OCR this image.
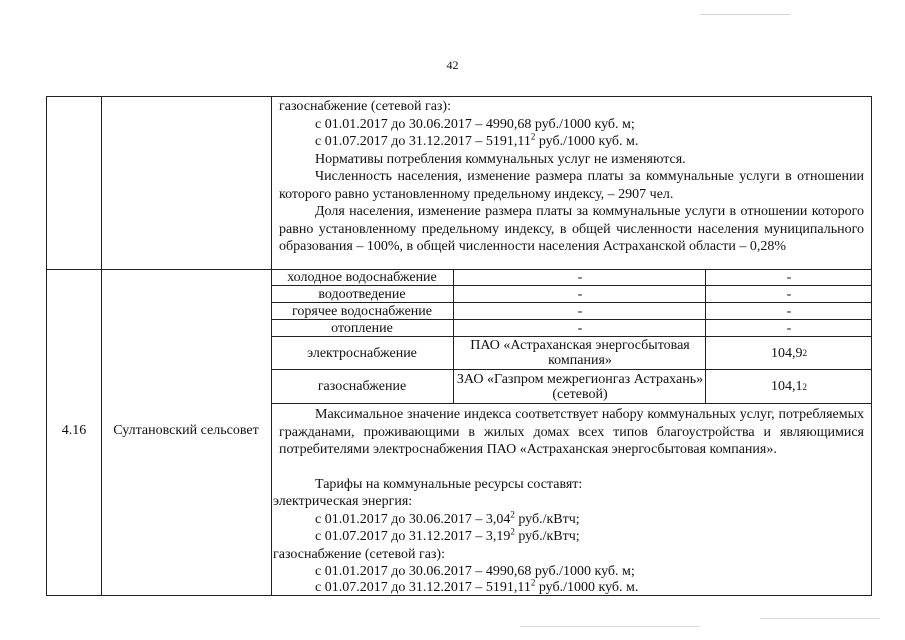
42
газоснабжение (сетевой газ):
с 01.01.2017 до 30.06.2017 – 4990,68 руб./1000 куб. м;
с 01.07.2017 до 31.12.2017 – 5191,11$^2$ руб./1000 куб. м.
Нормативы потребления коммунальных услуг не изменяются.
Численность населения, изменение размера платы за коммунальные услуги в отношении которого равно установленному предельному индексу, – 2907 чел.
Доля населения, изменение размера платы за коммунальные услуги в отношении которого равно установленному предельному индексу, в общей численности населения муниципального образования – 100%, в общей численности населения Астраханской области – 0,28%
4.16	Султановский сельсовет
холодное водоснабжение	-	-
водоотведение	-	-
горячее водоснабжение	-	-
отопление	-	-
электроснабжение	ПАО «Астраханская энергосбытовая компания»	104,9 2
газоснабжение	ЗАО «Газпром межрегионгаз Астрахань» (сетевой)	104,1 2
Максимальное значение индекса соответствует набору коммунальных услуг, потребляемых гражданами, проживающими в жилых домах всех типов благоустройства и являющимися потребителями электроснабжения ПАО «Астраханская энергосбытовая компания».
Тарифы на коммунальные ресурсы составят:
электрическая энергия:
с 01.01.2017 до 30.06.2017 – 3,04$^2$ руб./кВтч;
с 01.07.2017 до 31.12.2017 – 3,19$^2$ руб./кВтч;
газоснабжение (сетевой газ):
с 01.01.2017 до 30.06.2017 – 4990,68 руб./1000 куб. м;
с 01.07.2017 до 31.12.2017 – 5191,11$^2$ руб./1000 куб. м.
